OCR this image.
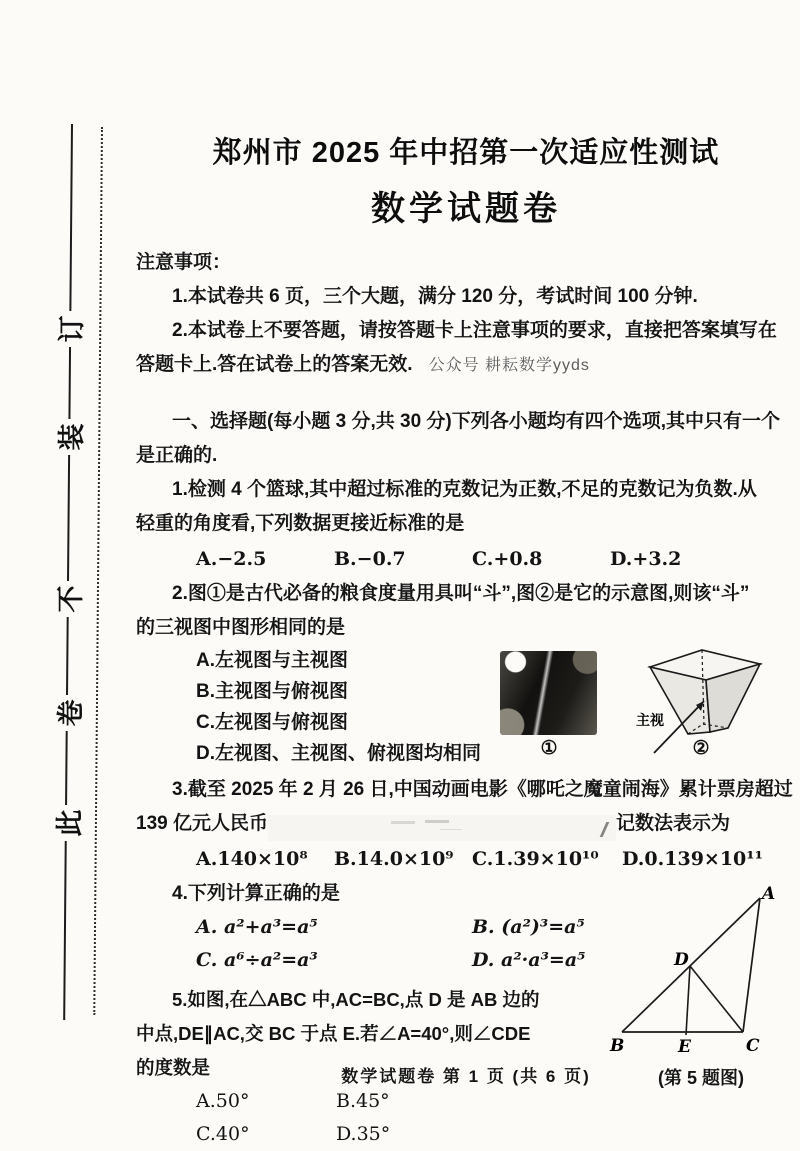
订
装
不
卷
此
郑州市 2025 年中招第一次适应性测试
数学试题卷
注意事项：
1.本试卷共 6 页，三个大题，满分 120 分，考试时间 100 分钟.
2.本试卷上不要答题，请按答题卡上注意事项的要求，直接把答案填写在
答题卡上.答在试卷上的答案无效. 公众号 耕耘数学yyds
一、选择题(每小题 3 分,共 30 分)下列各小题均有四个选项,其中只有一个
是正确的.
1.检测 4 个篮球,其中超过标准的克数记为正数,不足的克数记为负数.从
轻重的角度看,下列数据更接近标准的是
A.−2.5	B.−0.7	C.+0.8	D.+3.2
2.图①是古代必备的粮食度量用具叫“斗”,图②是它的示意图,则该“斗”
的三视图中图形相同的是
A.左视图与主视图
B.主视图与俯视图
C.左视图与俯视图
D.左视图、主视图、俯视图均相同	①
主视
②
3.截至 2025 年 2 月 26 日,中国动画电影《哪吒之魔童闹海》累计票房超过
139 亿元人民币	记数法表示为
A.140×10⁸	B.14.0×10⁹ C.1.39×10¹⁰	D.0.139×10¹¹
4.下列计算正确的是
A. a²+a³=a⁵	B. (a²)³=a⁵
C. a⁶÷a²=a³	D. a²·a³=a⁵
5.如图,在△ABC 中,AC=BC,点 D 是 AB 边的
中点,DE∥AC,交 BC 于点 E.若∠A=40°,则∠CDE
的度数是
A.50°	B.45°
C.40°	D.35°
A
B	C
D
E
(第 5 题图)
数学试题卷 第 1 页 (共 6 页)
